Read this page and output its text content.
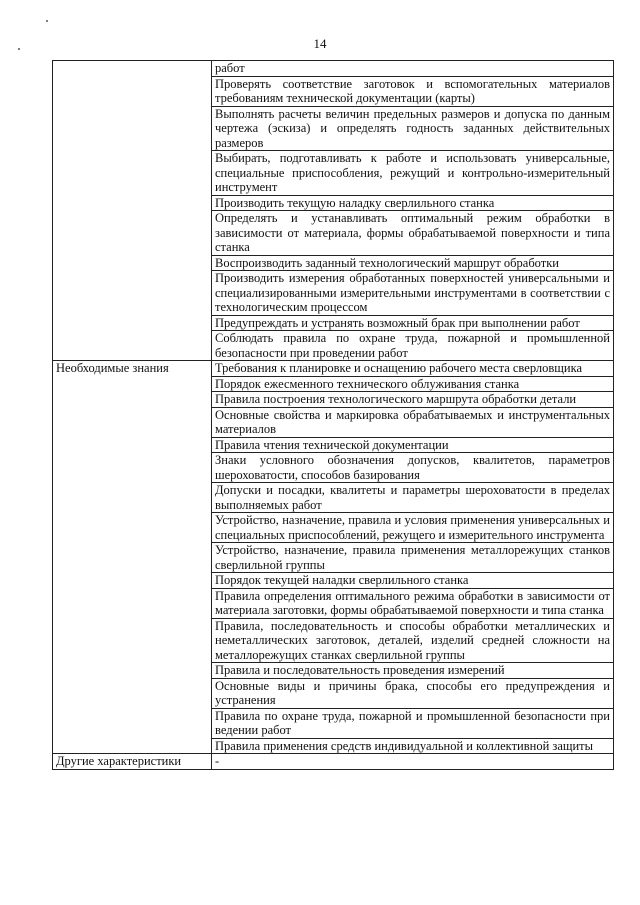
14
	работ
	Проверять соответствие заготовок и вспомогательных материалов требованиям технической документации (карты)
	Выполнять расчеты величин предельных размеров и допуска по данным чертежа (эскиза) и определять годность заданных действительных размеров
	Выбирать, подготавливать к работе и использовать универсальные, специальные приспособления, режущий и контрольно-измерительный инструмент
	Производить текущую наладку сверлильного станка
	Определять и устанавливать оптимальный режим обработки в зависимости от материала, формы обрабатываемой поверхности и типа станка
	Воспроизводить заданный технологический маршрут обработки
	Производить измерения обработанных поверхностей универсальными и специализированными измерительными инструментами в соответствии с технологическим процессом
	Предупреждать и устранять возможный брак при выполнении работ
	Соблюдать правила по охране труда, пожарной и промышленной безопасности при проведении работ
Необходимые знания	Требования к планировке и оснащению рабочего места сверловщика
	Порядок ежесменного технического облуживания станка
	Правила построения технологического маршрута обработки детали
	Основные свойства и маркировка обрабатываемых и инструментальных материалов
	Правила чтения технической документации
	Знаки условного обозначения допусков, квалитетов, параметров шероховатости, способов базирования
	Допуски и посадки, квалитеты и параметры шероховатости в пределах выполняемых работ
	Устройство, назначение, правила и условия применения универсальных и специальных приспособлений, режущего и измерительного инструмента
	Устройство, назначение, правила применения металлорежущих станков сверлильной группы
	Порядок текущей наладки сверлильного станка
	Правила определения оптимального режима обработки в зависимости от материала заготовки, формы обрабатываемой поверхности и типа станка
	Правила, последовательность и способы обработки металлических и неметаллических заготовок, деталей, изделий средней сложности на металлорежущих станках сверлильной группы
	Правила и последовательность проведения измерений
	Основные виды и причины брака, способы его предупреждения и устранения
	Правила по охране труда, пожарной и промышленной безопасности при ведении работ
	Правила применения средств индивидуальной и коллективной защиты
Другие характеристики	-
